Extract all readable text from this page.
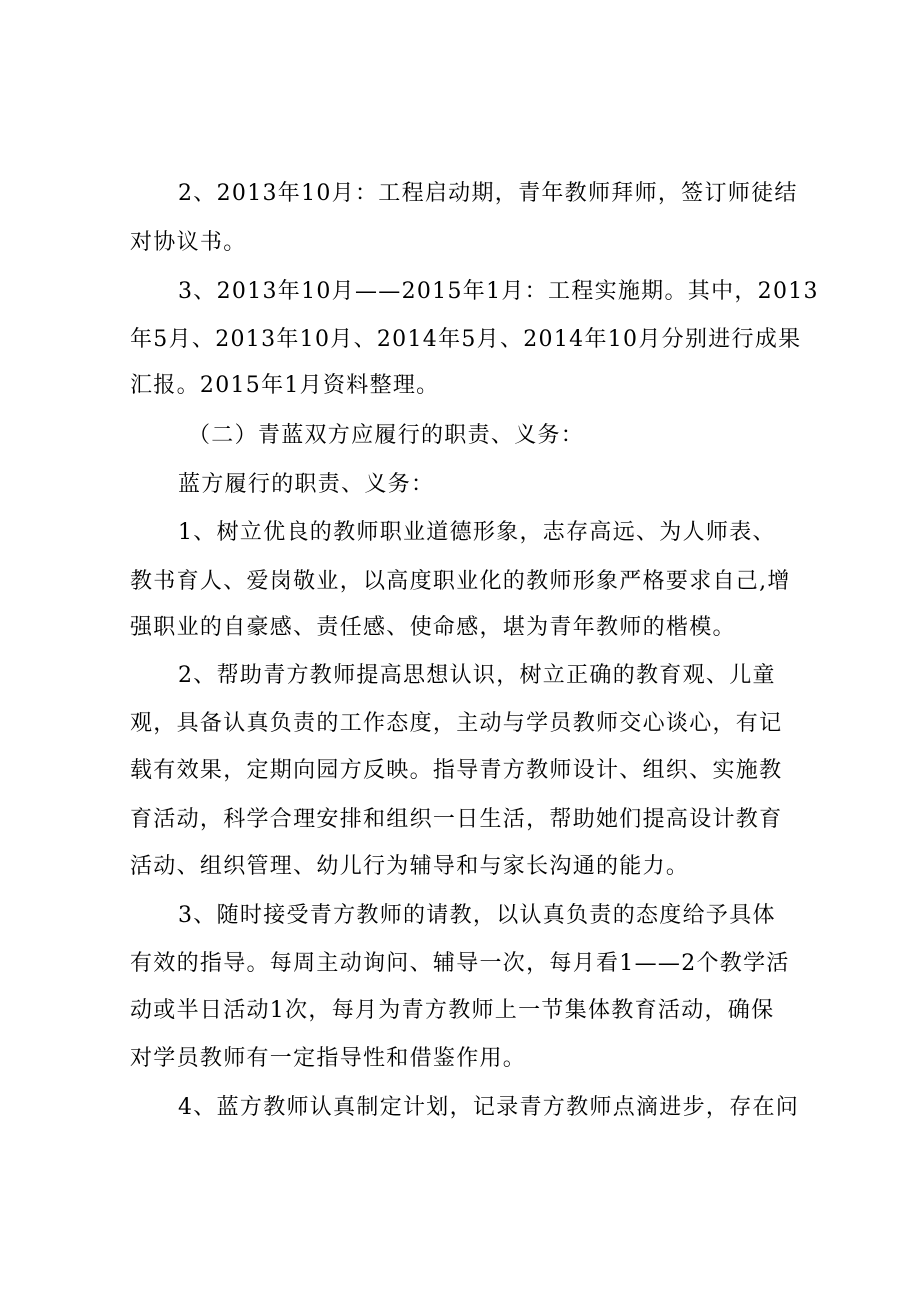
2、2013年10月：工程启动期，青年教师拜师，签订师徒结
对协议书。
3、2013年10月——2015年1月：工程实施期。其中，2013
年5月、2013年10月、2014年5月、2014年10月分别进行成果
汇报。2015年1月资料整理。
（二）青蓝双方应履行的职责、义务：
蓝方履行的职责、义务：
1、树立优良的教师职业道德形象，志存高远、为人师表、
教书育人、爱岗敬业，以高度职业化的教师形象严格要求自己,增
强职业的自豪感、责任感、使命感，堪为青年教师的楷模。
2、帮助青方教师提高思想认识，树立正确的教育观、儿童
观，具备认真负责的工作态度，主动与学员教师交心谈心，有记
载有效果，定期向园方反映。指导青方教师设计、组织、实施教
育活动，科学合理安排和组织一日生活，帮助她们提高设计教育
活动、组织管理、幼儿行为辅导和与家长沟通的能力。
3、随时接受青方教师的请教，以认真负责的态度给予具体
有效的指导。每周主动询问、辅导一次，每月看1——2个教学活
动或半日活动1次，每月为青方教师上一节集体教育活动，确保
对学员教师有一定指导性和借鉴作用。
4、蓝方教师认真制定计划，记录青方教师点滴进步，存在问
